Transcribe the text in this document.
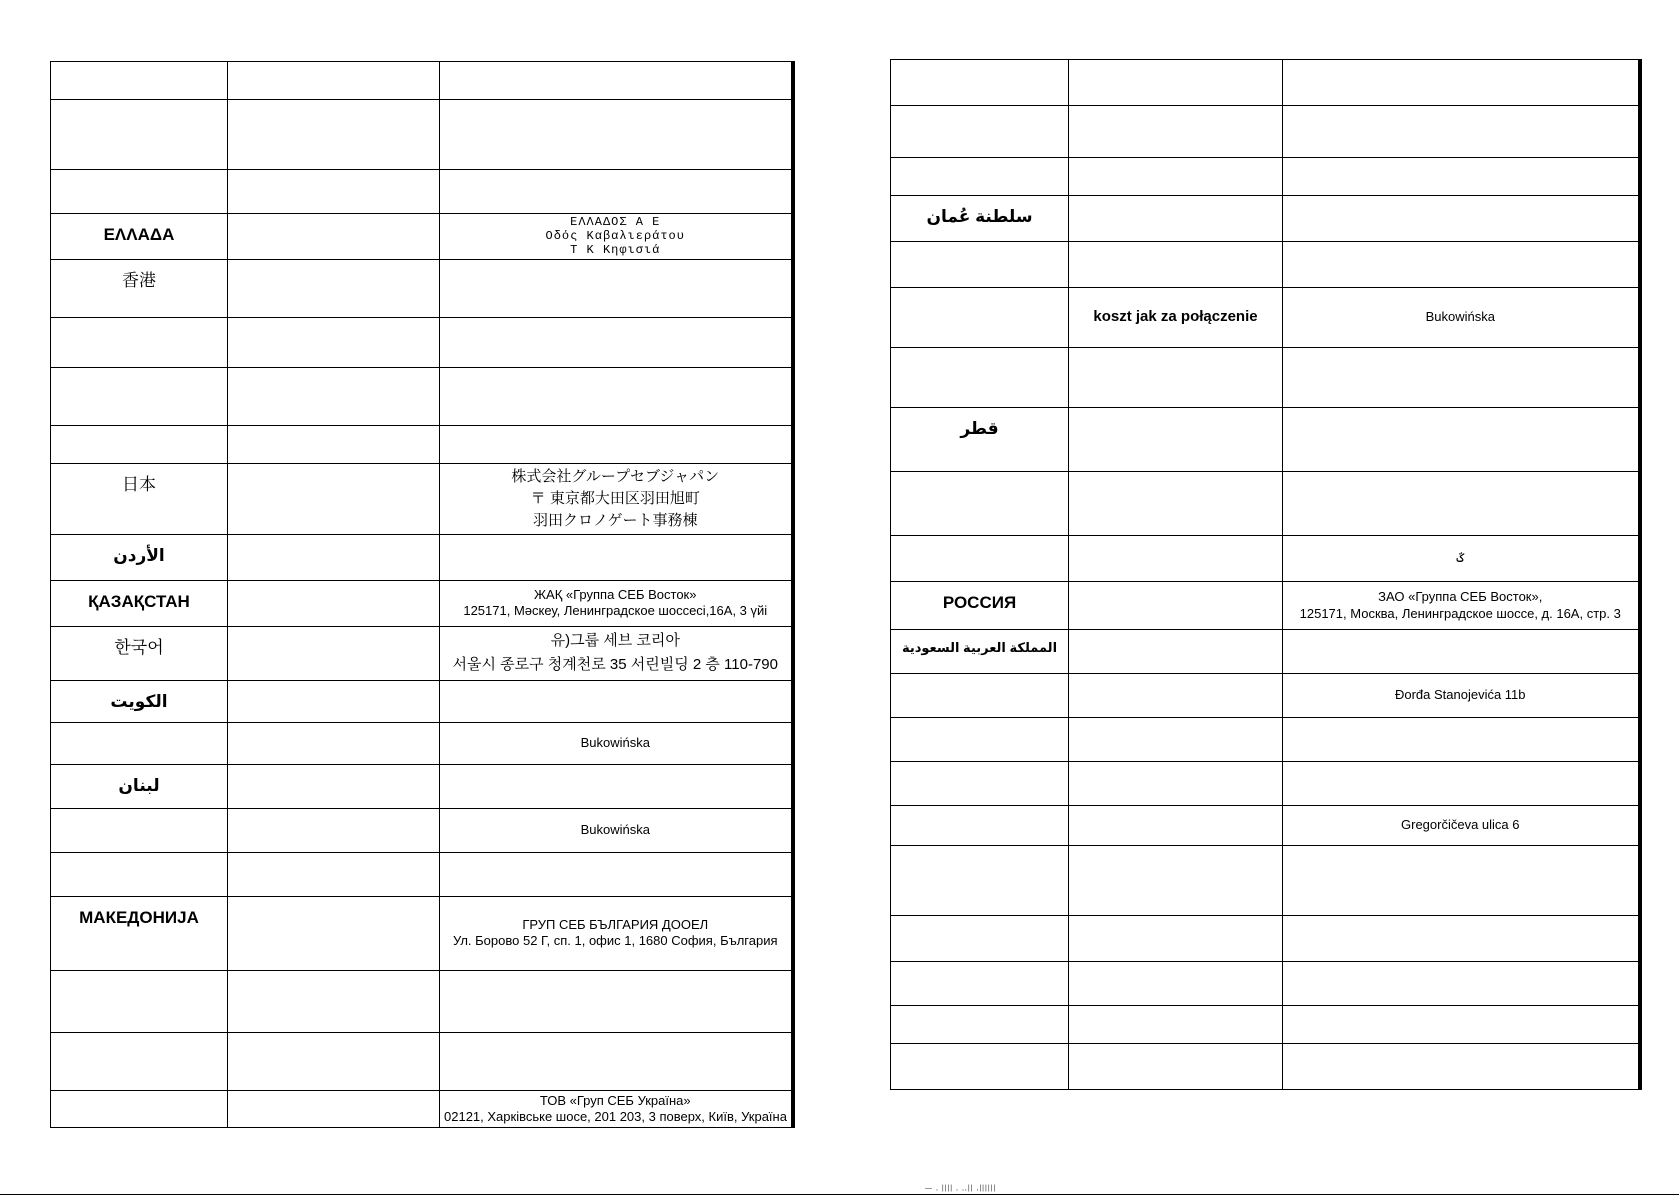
ΕΛΛΑΔΑ		ΕΛΛΑΔΟΣ Α Ε
Οδός Καβαλιεράτου
Τ Κ Κηφισιά

香港		

日本		株式会社グループセブジャパン
〒 東京都大田区羽田旭町
羽田クロノゲート事務棟

الأردن		
ҚАЗАҚСТАН		ЖАҚ «Группа СЕБ Восток»
125171, Мәскеу, Ленинградское шоссесi,16А, 3 үйi

한국어		유)그룹 세브 코리아
서울시 종로구 청계천로 35 서린빌딩 2 층 110-790

الكويت		

		Bukowińska

لبنان		

		Bukowińska

МАКЕДОНИЈА		ГРУП СЕБ БЪЛГАРИЯ ДООЕЛ
Ул. Борово 52 Г, сп. 1, офис 1, 1680 София, България

		ТОВ «Груп СЕБ Україна»
02121, Харківське шосе, 201 203, 3 поверх, Київ, Україна

سلطنة عُمان		

	koszt jak za połączenie	Bukowińska

قطر		

		ػ

РОССИЯ		ЗАО «Группа СЕБ Восток»,
125171, Москва, Ленинградское шоссе, д. 16А, стр. 3

المملكة العربية السعودية		

		Đorđa Stanojevića 11b

		Gregorčičeva ulica 6

— , |||| , ,,|| ,||||||
